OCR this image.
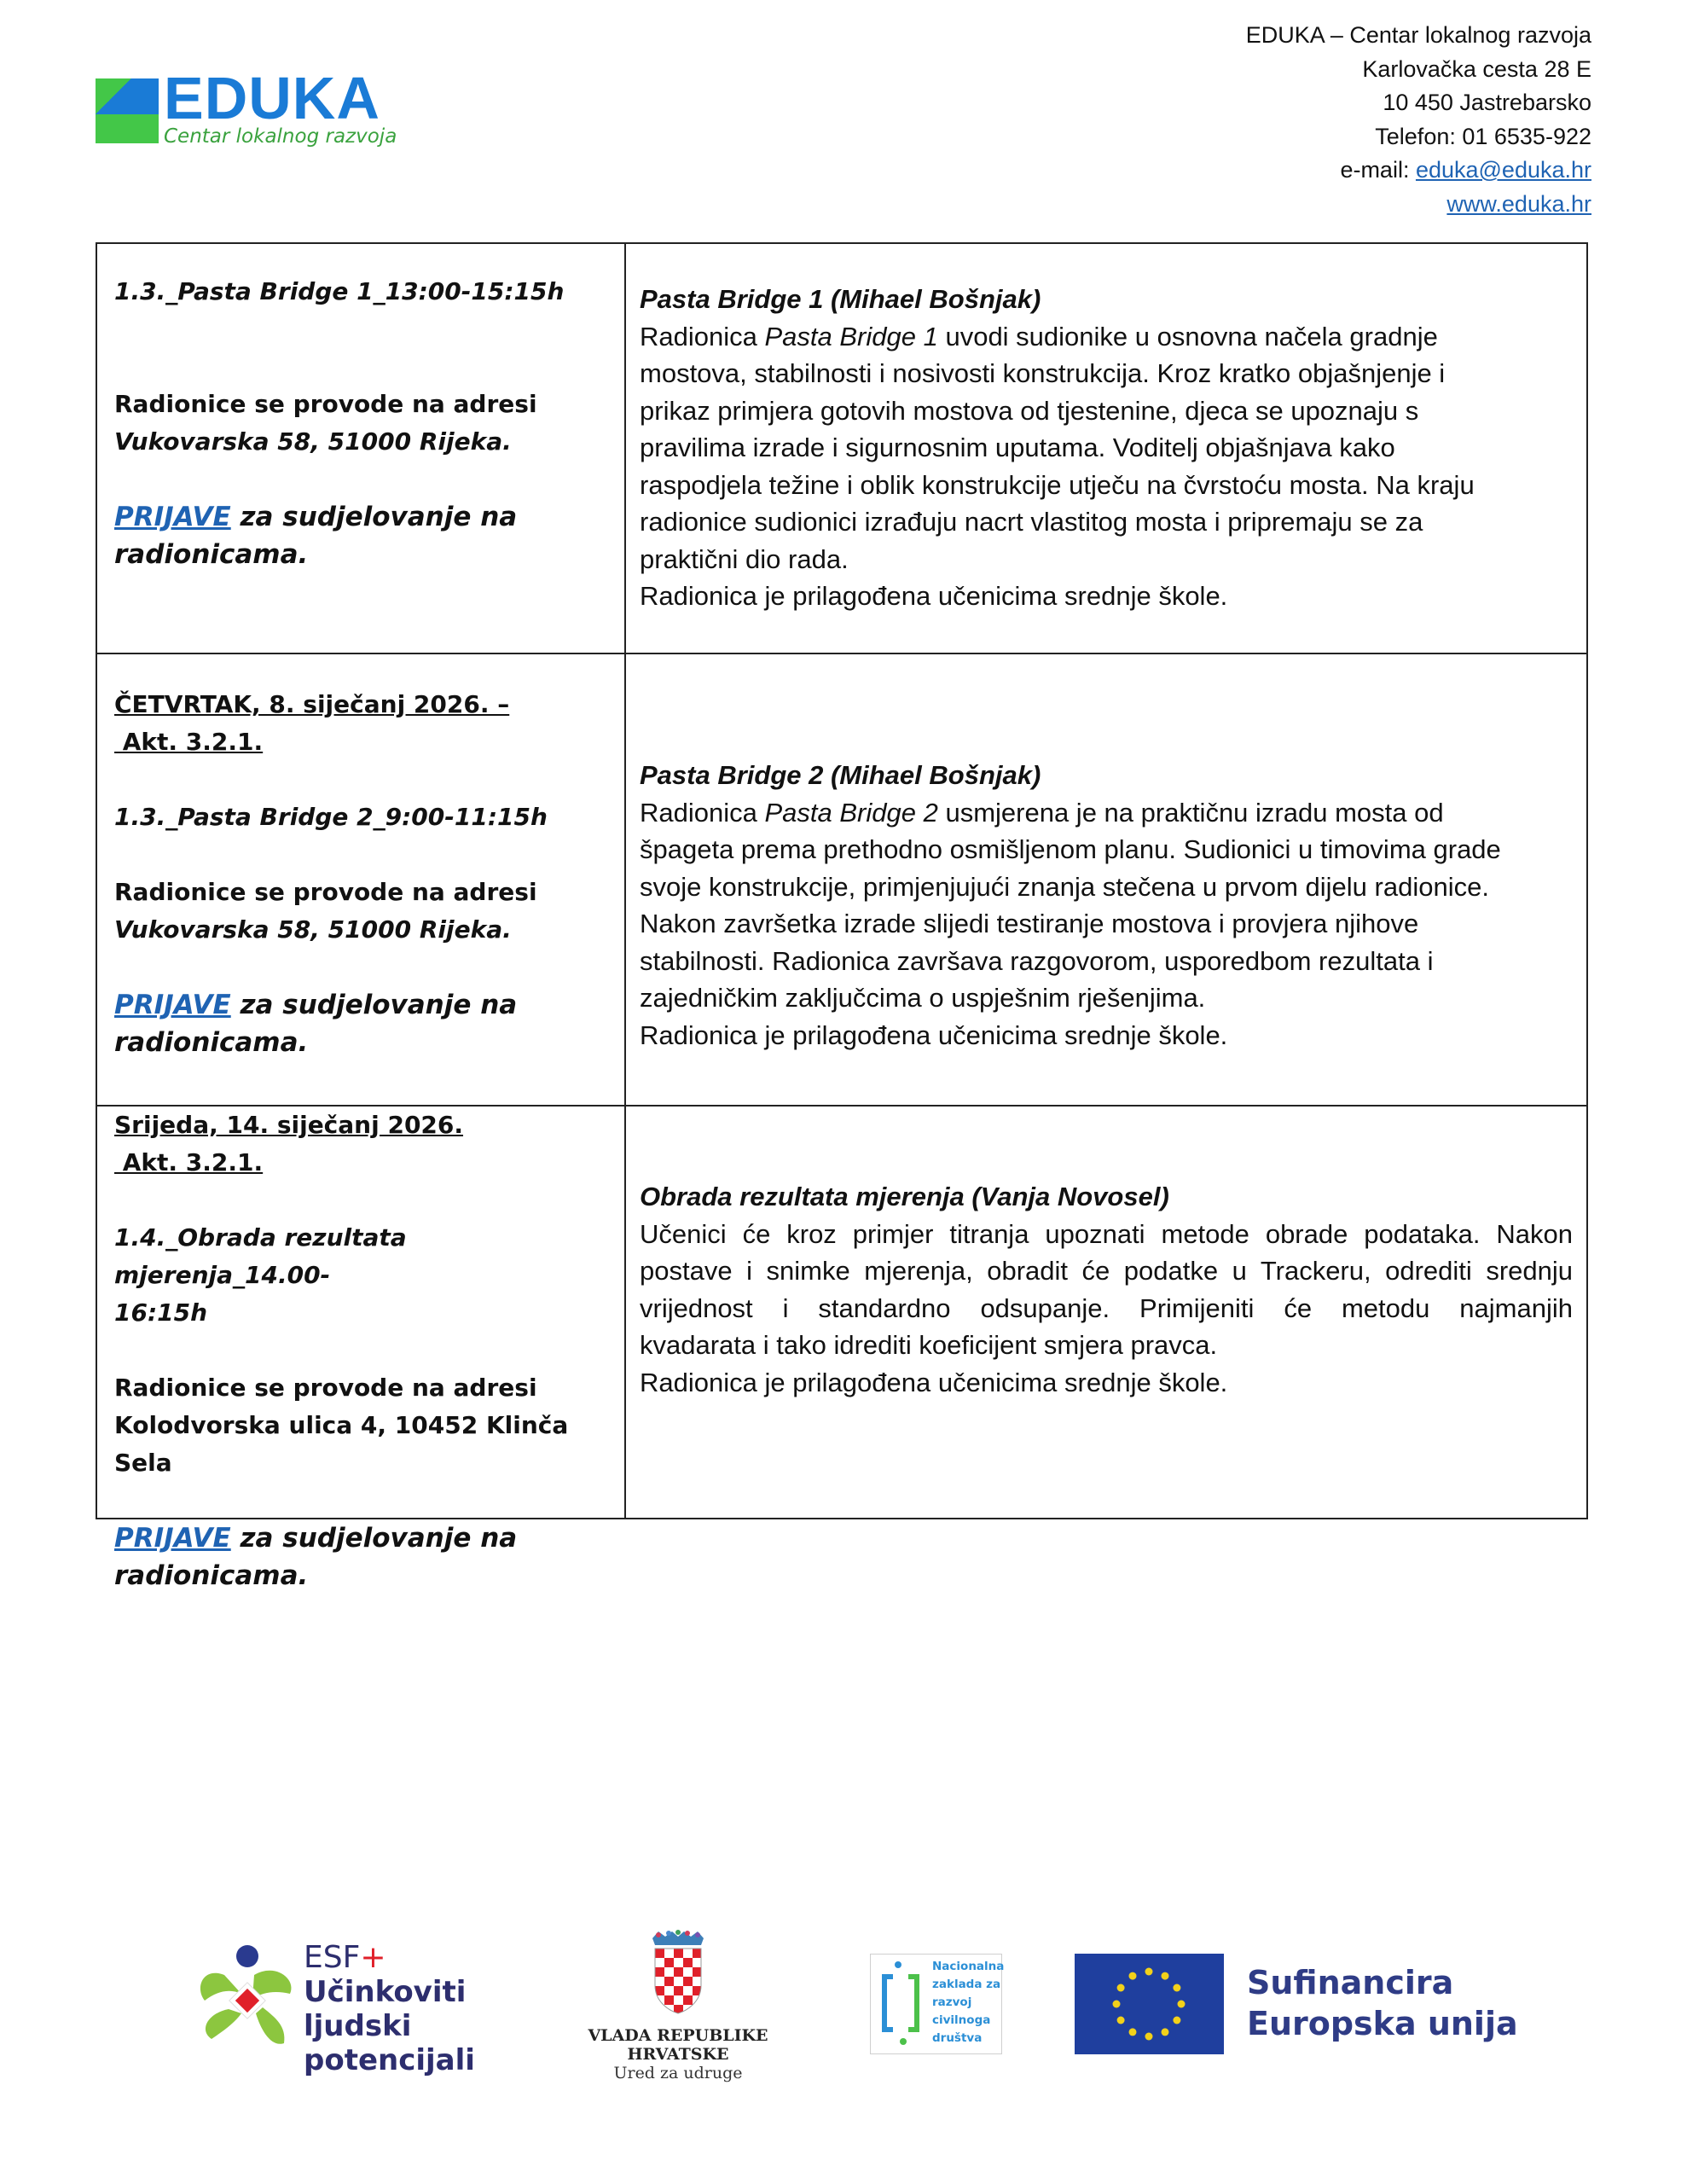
EDUKA
Centar lokalnog razvoja
EDUKA – Centar lokalnog razvoja
Karlovačka cesta 28 E
10 450 Jastrebarsko
Telefon: 01 6535-922
e-mail: eduka@eduka.hr
www.eduka.hr
1.3._Pasta Bridge 1_13:00-15:15h
Radionice se provode na adresi
Vukovarska 58, 51000 Rijeka.
PRIJAVE za sudjelovanje na
radionicama.
Pasta Bridge 1 (Mihael Bošnjak)
Radionica Pasta Bridge 1 uvodi sudionike u osnovna načela gradnje
mostova, stabilnosti i nosivosti konstrukcija. Kroz kratko objašnjenje i
prikaz primjera gotovih mostova od tjestenine, djeca se upoznaju s
pravilima izrade i sigurnosnim uputama. Voditelj objašnjava kako
raspodjela težine i oblik konstrukcije utječu na čvrstoću mosta. Na kraju
radionice sudionici izrađuju nacrt vlastitog mosta i pripremaju se za
praktični dio rada.
Radionica je prilagođena učenicima srednje škole.
ČETVRTAK, 8. siječanj 2026. –
Akt. 3.2.1.
1.3._Pasta Bridge 2_9:00-11:15h
Radionice se provode na adresi
Vukovarska 58, 51000 Rijeka.
PRIJAVE za sudjelovanje na
radionicama.
Pasta Bridge 2 (Mihael Bošnjak)
Radionica Pasta Bridge 2 usmjerena je na praktičnu izradu mosta od
špageta prema prethodno osmišljenom planu. Sudionici u timovima grade
svoje konstrukcije, primjenjujući znanja stečena u prvom dijelu radionice.
Nakon završetka izrade slijedi testiranje mostova i provjera njihove
stabilnosti. Radionica završava razgovorom, usporedbom rezultata i
zajedničkim zaključcima o uspješnim rješenjima.
Radionica je prilagođena učenicima srednje škole.
Srijeda, 14. siječanj 2026.
Akt. 3.2.1.
1.4._Obrada rezultata mjerenja_14.00-
16:15h
Radionice se provode na adresi
Kolodvorska ulica 4, 10452 Klinča Sela
PRIJAVE za sudjelovanje na
radionicama.
Obrada rezultata mjerenja (Vanja Novosel)
Učenici će kroz primjer titranja upoznati metode obrade podataka. Nakon
postave i snimke mjerenja, obradit će podatke u Trackeru, odrediti srednju
vrijednost i standardno odsupanje. Primijeniti će metodu najmanjih
kvadarata i tako idrediti koeficijent smjera pravca.
Radionica je prilagođena učenicima srednje škole.
ESF+
Učinkoviti ljudski
potencijali
VLADA REPUBLIKE HRVATSKE
Ured za udruge
Nacionalna
zaklada za
razvoj
civilnoga
društva
Sufinancira
Europska unija
